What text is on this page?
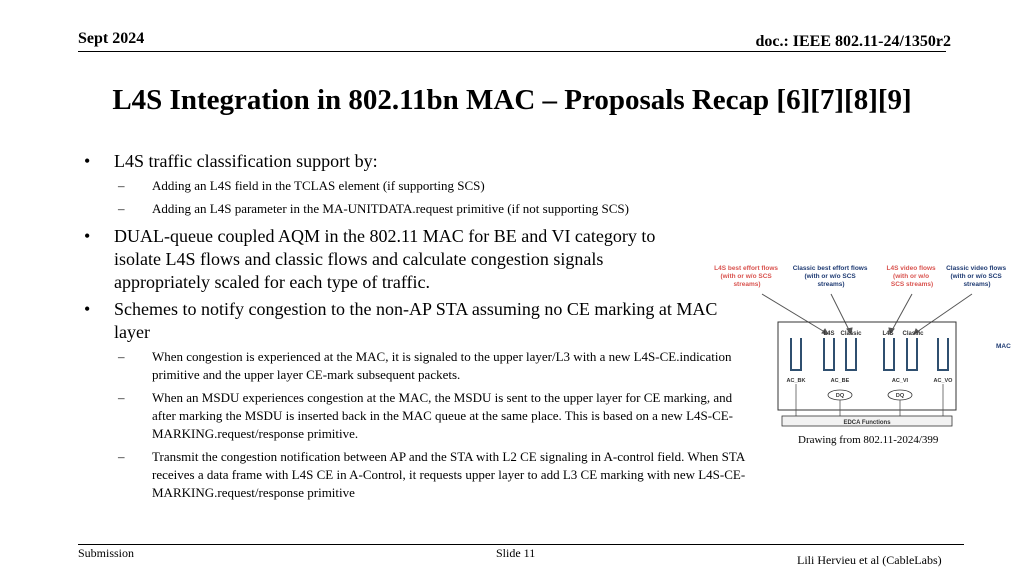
Sept 2024	doc.: IEEE 802.11-24/1350r2
L4S Integration in 802.11bn MAC – Proposals Recap [6][7][8][9]
• L4S traffic classification support by:
– Adding an L4S field in the TCLAS element (if supporting SCS)
– Adding an L4S parameter in the MA-UNITDATA.request primitive (if not supporting SCS)
• DUAL-queue coupled AQM in the 802.11 MAC for BE and VI category to isolate L4S flows and classic flows and calculate congestion signals appropriately scaled for each type of traffic.
• Schemes to notify congestion to the non-AP STA assuming no CE marking at MAC layer
– When congestion is experienced at the MAC, it is signaled to the upper layer/L3 with a new L4S-CE.indication primitive and the upper layer CE-mark subsequent packets.
– When an MSDU experiences congestion at the MAC, the MSDU is sent to the upper layer for CE marking, and after marking the MSDU is inserted back in the MAC queue at the same place. This is based on a new L4S-CE-MARKING.request/response primitive.
– Transmit the congestion notification between AP and the STA with L2 CE signaling in A-control field. When STA receives a data frame with L4S CE in A-Control, it requests upper layer to add L3 CE marking with new L4S-CE-MARKING.request/response primitive
L4S best effort flows (with or w/o SCS streams)
Classic best effort flows (with or w/o SCS streams)
L4S video flows (with or w/o SCS streams)
Classic video flows (with or w/o SCS streams)
MAC
L4S Classic	L4S Classic
AC_BK	AC_BE	AC_VI	AC_VO
DQ	DQ
EDCA Functions
Drawing from 802.11-2024/399
Submission	Slide 11	Lili Hervieu et al (CableLabs)
